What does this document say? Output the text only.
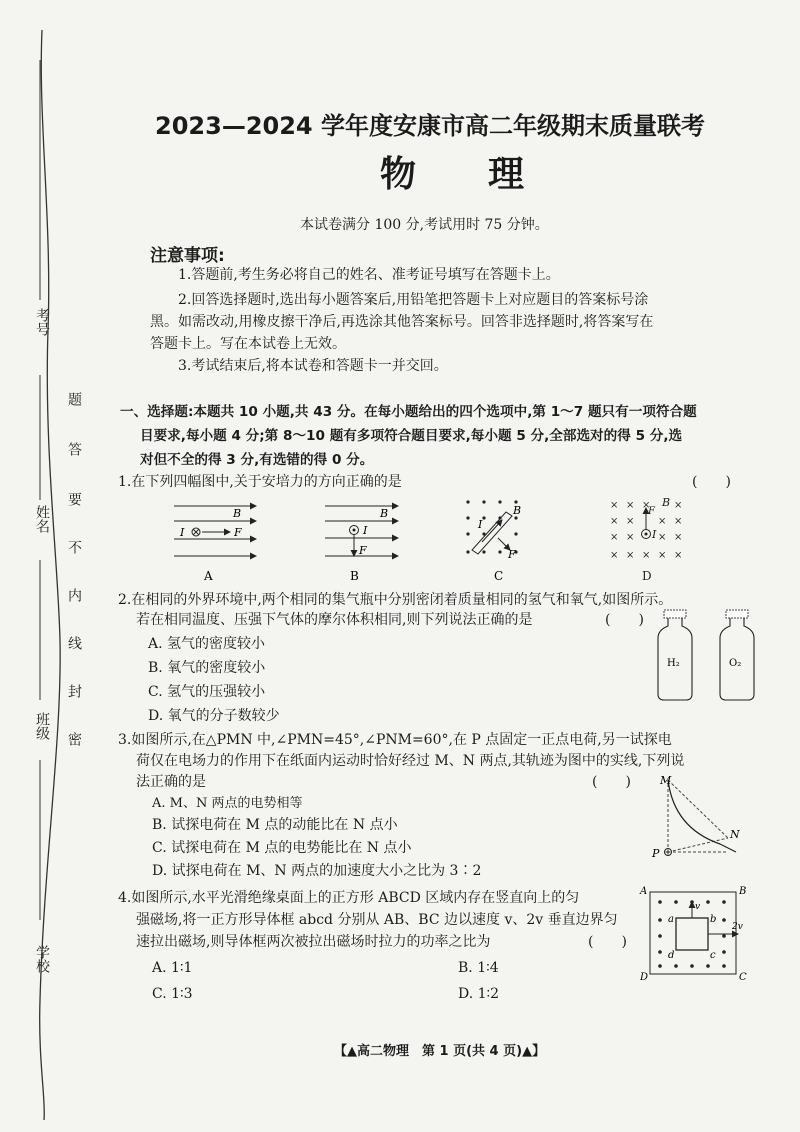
考号
姓名
班级
学校
题
答
要
不
内
线
封
密
2023—2024 学年度安康市高二年级期末质量联考
物　　理
本试卷满分 100 分,考试用时 75 分钟。
注意事项:
1.答题前,考生务必将自己的姓名、准考证号填写在答题卡上。
2.回答选择题时,选出每小题答案后,用铅笔把答题卡上对应题目的答案标号涂
黑。如需改动,用橡皮擦干净后,再选涂其他答案标号。回答非选择题时,将答案写在
答题卡上。写在本试卷上无效。
3.考试结束后,将本试卷和答题卡一并交回。
一、选择题:本题共 10 小题,共 43 分。在每小题给出的四个选项中,第 1～7 题只有一项符合题
目要求,每小题 4 分;第 8～10 题有多项符合题目要求,每小题 5 分,全部选对的得 5 分,选
对但不全的得 3 分,有选错的得 0 分。
1.在下列四幅图中,关于安培力的方向正确的是	(　　)
B
I	F
A
B
I
F
B
B
I
F
C
× × × ×
× × × ×
× × × ×
× × × × ×
B
I
F
D
2.在相同的外界环境中,两个相同的集气瓶中分别密闭着质量相同的氢气和氧气,如图所示。
若在相同温度、压强下气体的摩尔体积相同,则下列说法正确的是	(　　)
A. 氢气的密度较小
B. 氧气的密度较小
C. 氢气的压强较小
D. 氧气的分子数较少
H₂	O₂
3.如图所示,在△PMN 中,∠PMN=45°,∠PNM=60°,在 P 点固定一正点电荷,另一试探电
荷仅在电场力的作用下在纸面内运动时恰好经过 M、N 两点,其轨迹为图中的实线,下列说
法正确的是	(　　)
A. M、N 两点的电势相等
B. 试探电荷在 M 点的动能比在 N 点小
C. 试探电荷在 M 点的电势能比在 N 点小
D. 试探电荷在 M、N 两点的加速度大小之比为 3∶2
M
N
P
4.如图所示,水平光滑绝缘桌面上的正方形 ABCD 区域内存在竖直向上的匀
强磁场,将一正方形导体框 abcd 分别从 AB、BC 边以速度 v、2v 垂直边界匀
速拉出磁场,则导体框两次被拉出磁场时拉力的功率之比为	(　　)
A. 1∶1	B. 1∶4
C. 1∶3	D. 1∶2
A	B
C
D
a	b
c
d
v
2v
【▲高二物理　第 1 页(共 4 页)▲】
